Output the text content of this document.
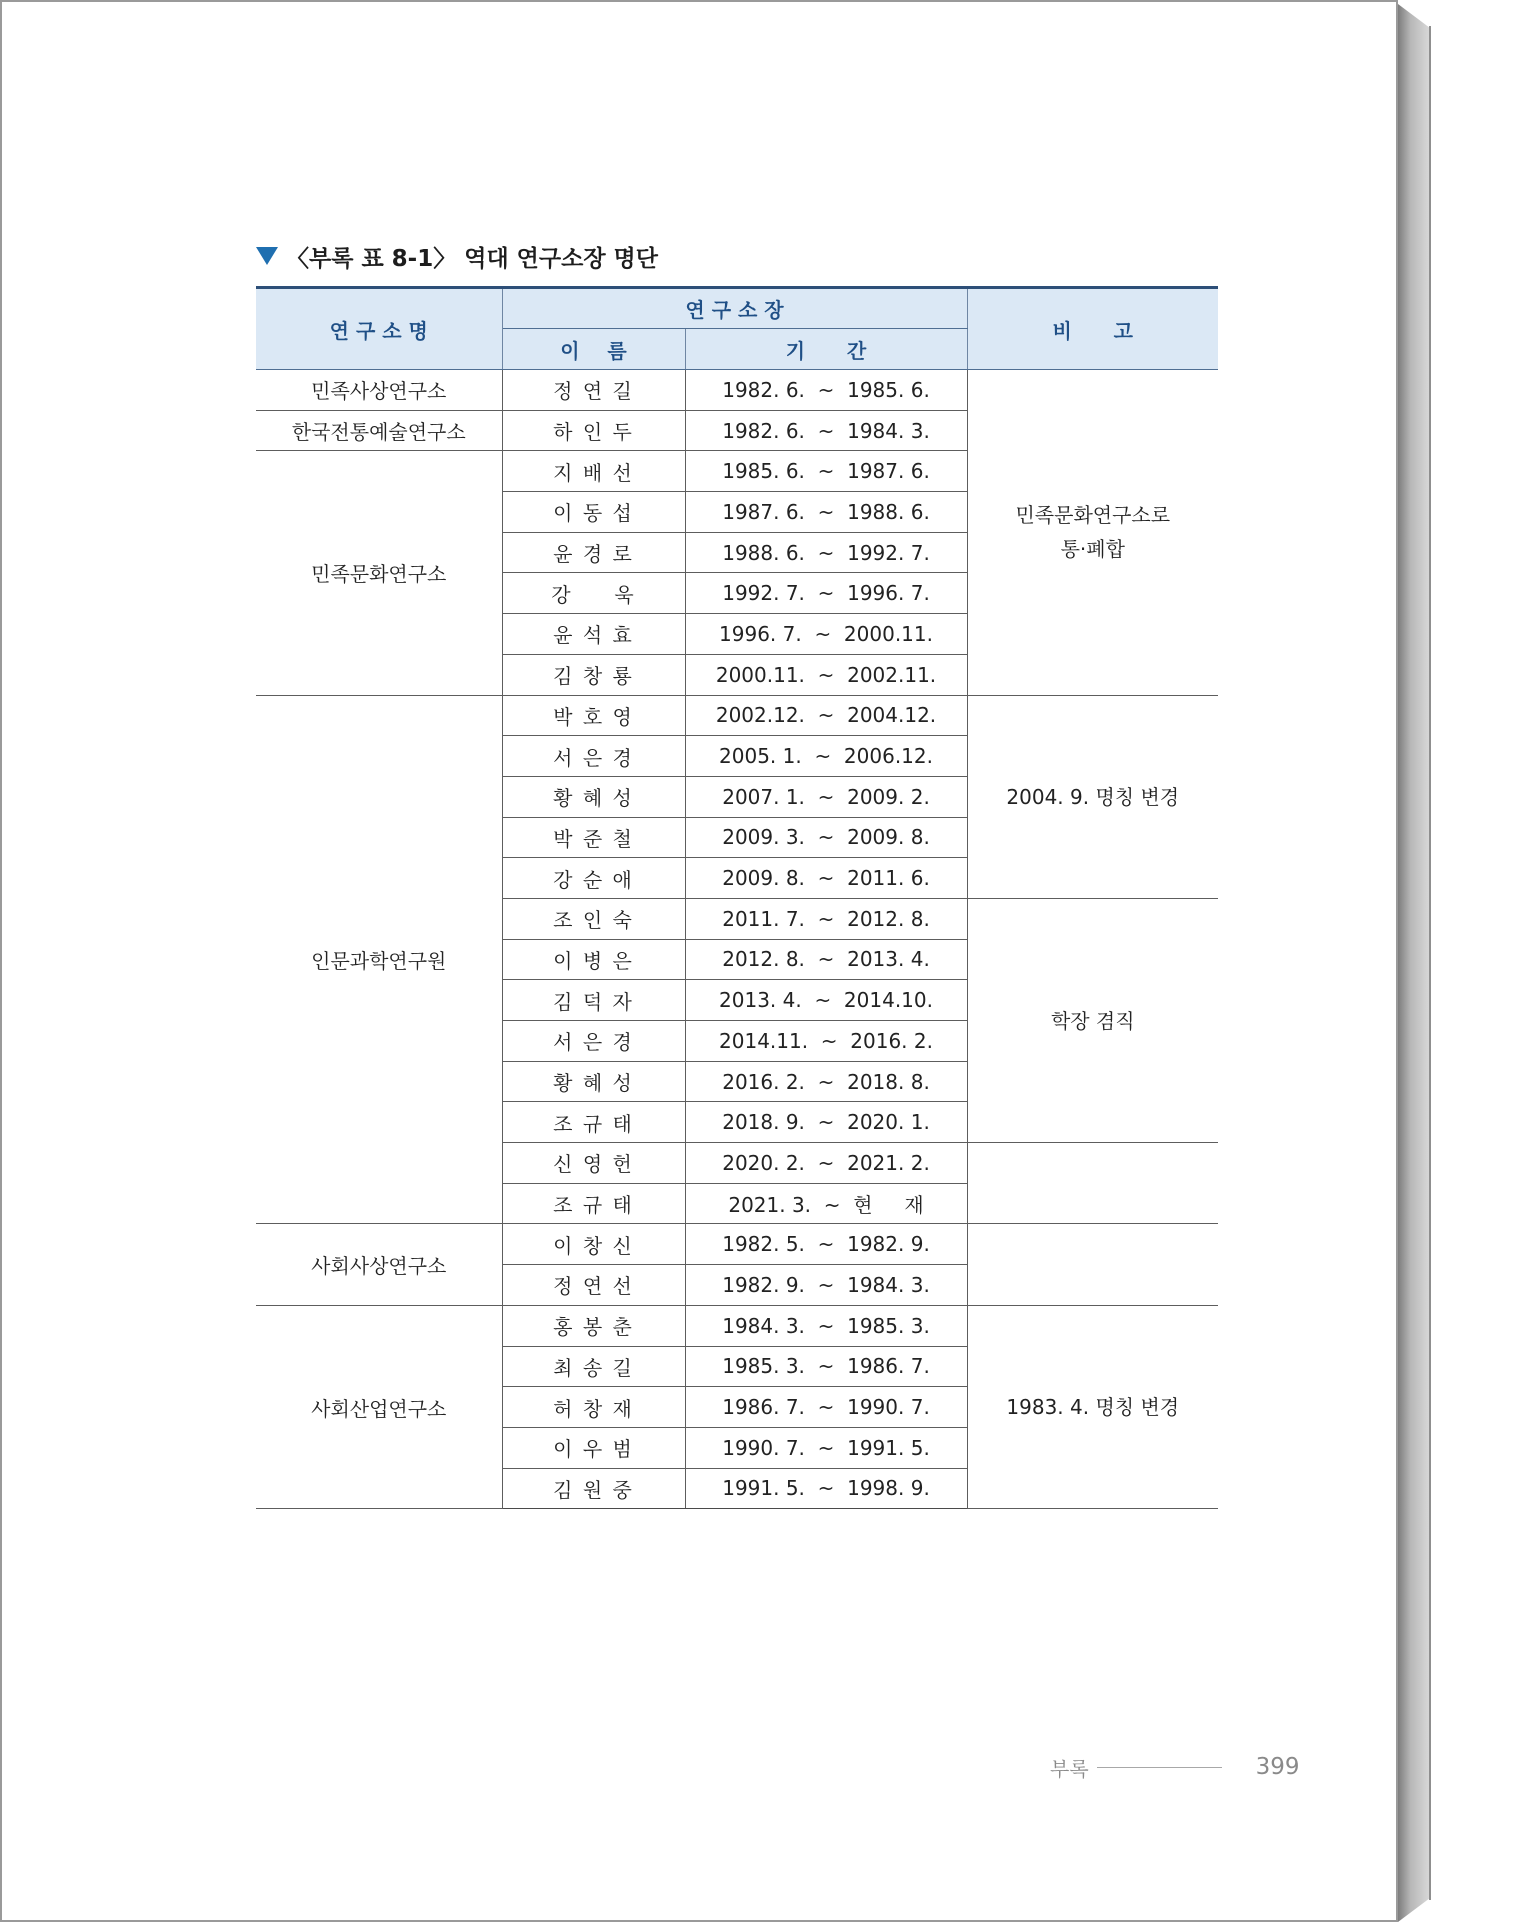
〈부록 표 8-1〉 역대 연구소장 명단
연 구 소 명	연 구 소 장		비      고
	이    름	기      간	
민족사상연구소	정 연 길	1982. 6.  ~  1985. 6.	민족문화연구소로
통·폐합

한국전통예술연구소	하 인 두	1982. 6.  ~  1984. 3.	
민족문화연구소	지 배 선	1985. 6.  ~  1987. 6.	
	이 동 섭	1987. 6.  ~  1988. 6.	
	윤 경 로	1988. 6.  ~  1992. 7.	
	강     욱	1992. 7.  ~  1996. 7.	
	윤 석 효	1996. 7.  ~  2000.11.	
	김 창 룡	2000.11.  ~  2002.11.	
인문과학연구원	박 호 영	2002.12.  ~  2004.12.	2004. 9. 명칭 변경

	서 은 경	2005. 1.  ~  2006.12.	
	황 혜 성	2007. 1.  ~  2009. 2.	
	박 준 철	2009. 3.  ~  2009. 8.	
	강 순 애	2009. 8.  ~  2011. 6.	
	조 인 숙	2011. 7.  ~  2012. 8.	학장 겸직

	이 병 은	2012. 8.  ~  2013. 4.	
	김 덕 자	2013. 4.  ~  2014.10.	
	서 은 경	2014.11.  ~  2016. 2.	
	황 혜 성	2016. 2.  ~  2018. 8.	
	조 규 태	2018. 9.  ~  2020. 1.	
	신 영 헌	2020. 2.  ~  2021. 2.	

	조 규 태	2021. 3.  ~  현     재	
사회사상연구소	이 창 신	1982. 5.  ~  1982. 9.	

	정 연 선	1982. 9.  ~  1984. 3.	
사회산업연구소	홍 봉 춘	1984. 3.  ~  1985. 3.	1983. 4. 명칭 변경

	최 송 길	1985. 3.  ~  1986. 7.	
	허 창 재	1986. 7.  ~  1990. 7.	
	이 우 범	1990. 7.  ~  1991. 5.	
	김 원 중	1991. 5.  ~  1998. 9.	
부록	399
